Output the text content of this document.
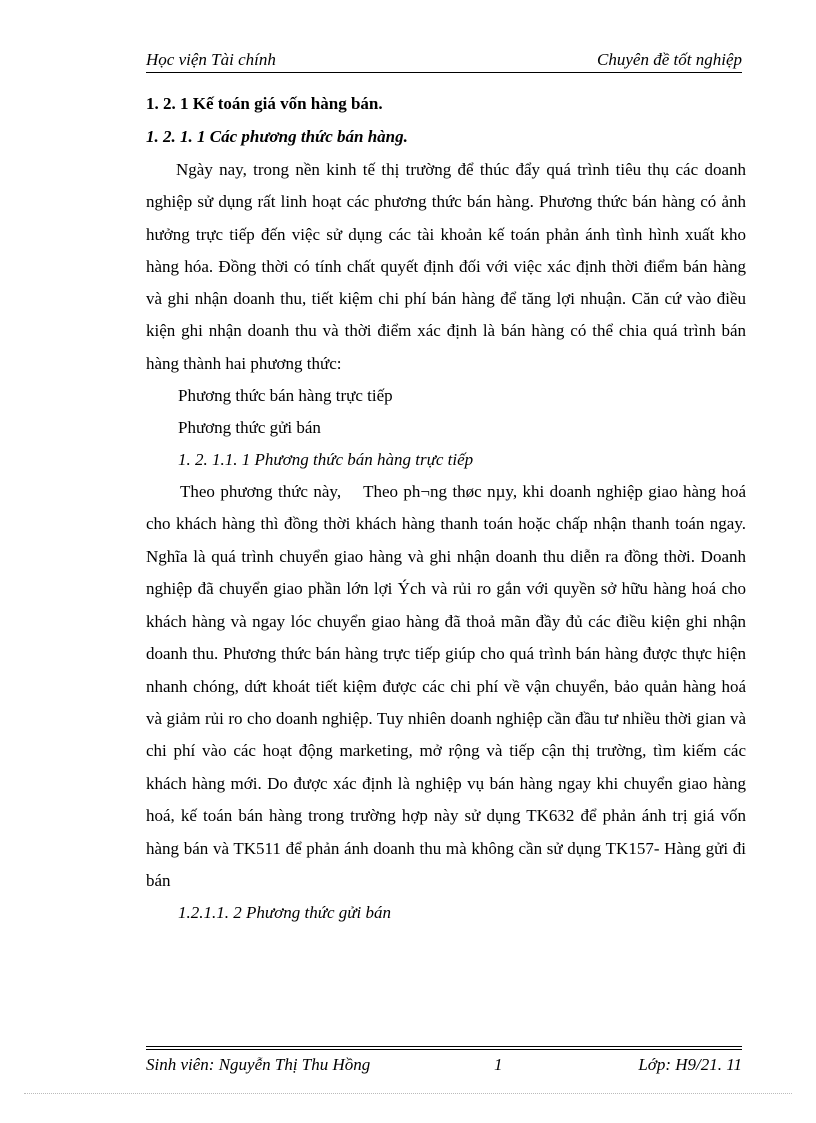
Học viện Tài chính	Chuyên đề tốt nghiệp
1. 2. 1 Kế toán giá vốn hàng bán.
1. 2. 1. 1 Các phương thức bán hàng.

Ngày nay, trong nền kinh tế thị trường để thúc đẩy quá trình tiêu thụ các doanh nghiệp sử dụng rất linh hoạt các phương thức bán hàng. Phương thức bán hàng có ảnh hưởng trực tiếp đến việc sử dụng các tài khoản kế toán phản ánh tình hình xuất kho hàng hóa. Đồng thời có tính chất quyết định đối với việc xác định thời điểm bán hàng và ghi nhận doanh thu, tiết kiệm chi phí bán hàng để tăng lợi nhuận. Căn cứ vào điều kiện ghi nhận doanh thu và thời điểm xác định là bán hàng có thể chia quá trình bán hàng thành hai phương thức:

Phương thức bán hàng trực tiếp
Phương thức gửi bán
1. 2. 1.1. 1 Phương thức bán hàng trực tiếp

Theo phương thức này, Theo ph¬ng thøc nµy, khi doanh nghiệp giao hàng hoá cho khách hàng thì đồng thời khách hàng thanh toán hoặc chấp nhận thanh toán ngay. Nghĩa là quá trình chuyển giao hàng và ghi nhận doanh thu diễn ra đồng thời. Doanh nghiệp đã chuyển giao phần lớn lợi Ých và rủi ro gắn với quyền sở hữu hàng hoá cho khách hàng và ngay lóc chuyển giao hàng đã thoả mãn đầy đủ các điều kiện ghi nhận doanh thu. Phương thức bán hàng trực tiếp giúp cho quá trình bán hàng được thực hiện nhanh chóng, dứt khoát tiết kiệm được các chi phí về vận chuyển, bảo quản hàng hoá và giảm rủi ro cho doanh nghiệp. Tuy nhiên doanh nghiệp cần đầu tư nhiều thời gian và chi phí vào các hoạt động marketing, mở rộng và tiếp cận thị trường, tìm kiếm các khách hàng mới. Do được xác định là nghiệp vụ bán hàng ngay khi chuyển giao hàng hoá, kế toán bán hàng trong trường hợp này sử dụng TK632 để phản ánh trị giá vốn hàng bán và TK511 để phản ánh doanh thu mà không cần sử dụng TK157- Hàng gửi đi bán

1.2.1.1. 2 Phương thức gửi bán
Sinh viên: Nguyễn Thị Thu Hồng	1	Lớp: H9/21. 11
